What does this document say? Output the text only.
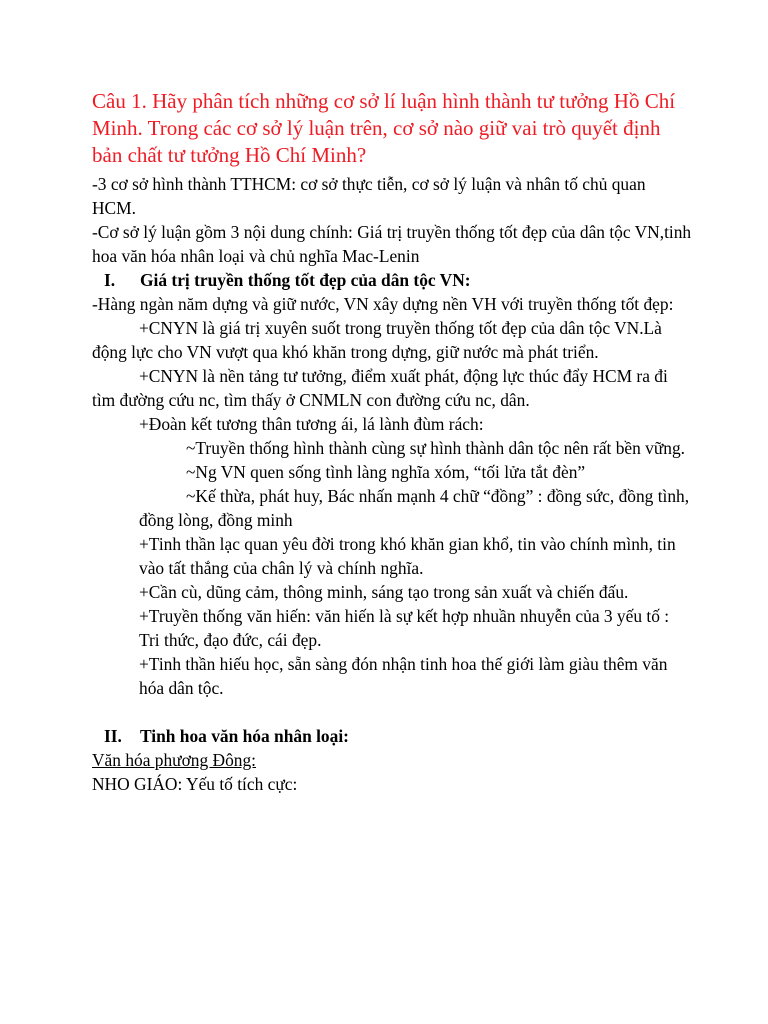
Câu 1. Hãy phân tích những cơ sở lí luận hình thành tư tưởng Hồ Chí Minh. Trong các cơ sở lý luận trên, cơ sở nào giữ vai trò quyết định bản chất tư tưởng Hồ Chí Minh?

-3 cơ sở hình thành TTHCM: cơ sở thực tiễn, cơ sở lý luận và nhân tố chủ quan HCM.

-Cơ sở lý luận gồm 3 nội dung chính: Giá trị truyền thống tốt đẹp của dân tộc VN,tinh hoa văn hóa nhân loại và chủ nghĩa Mac-Lenin

I.	Giá trị truyền thống tốt đẹp của dân tộc VN:

-Hàng ngàn năm dựng và giữ nước, VN xây dựng nền VH với truyền thống tốt đẹp:

+CNYN là giá trị xuyên suốt trong truyền thống tốt đẹp của dân tộc VN.Là động lực cho VN vượt qua khó khăn trong dựng, giữ nước mà phát triển.

+CNYN là nền tảng tư tưởng, điểm xuất phát, động lực thúc đẩy HCM ra đi tìm đường cứu nc, tìm thấy ở CNMLN con đường cứu nc, dân.

+Đoàn kết tương thân tương ái, lá lành đùm rách:

~Truyền thống hình thành cùng sự hình thành dân tộc nên rất bền vững.

~Ng VN quen sống tình làng nghĩa xóm, “tối lửa tắt đèn”

~Kế thừa, phát huy, Bác nhấn mạnh 4 chữ “đồng” : đồng sức, đồng tình, đồng lòng, đồng minh

+Tinh thần lạc quan yêu đời trong khó khăn gian khổ, tin vào chính mình, tin vào tất thắng của chân lý và chính nghĩa.

+Cần cù, dũng cảm, thông minh, sáng tạo trong sản xuất và chiến đấu.

+Truyền thống văn hiến: văn hiến là sự kết hợp nhuần nhuyễn của 3 yếu tố : Tri thức, đạo đức, cái đẹp.

+Tinh thần hiếu học, sẵn sàng đón nhận tinh hoa thế giới làm giàu thêm văn hóa dân tộc.

II.	Tinh hoa văn hóa nhân loại:

Văn hóa phương Đông:

NHO GIÁO: Yếu tố tích cực:
